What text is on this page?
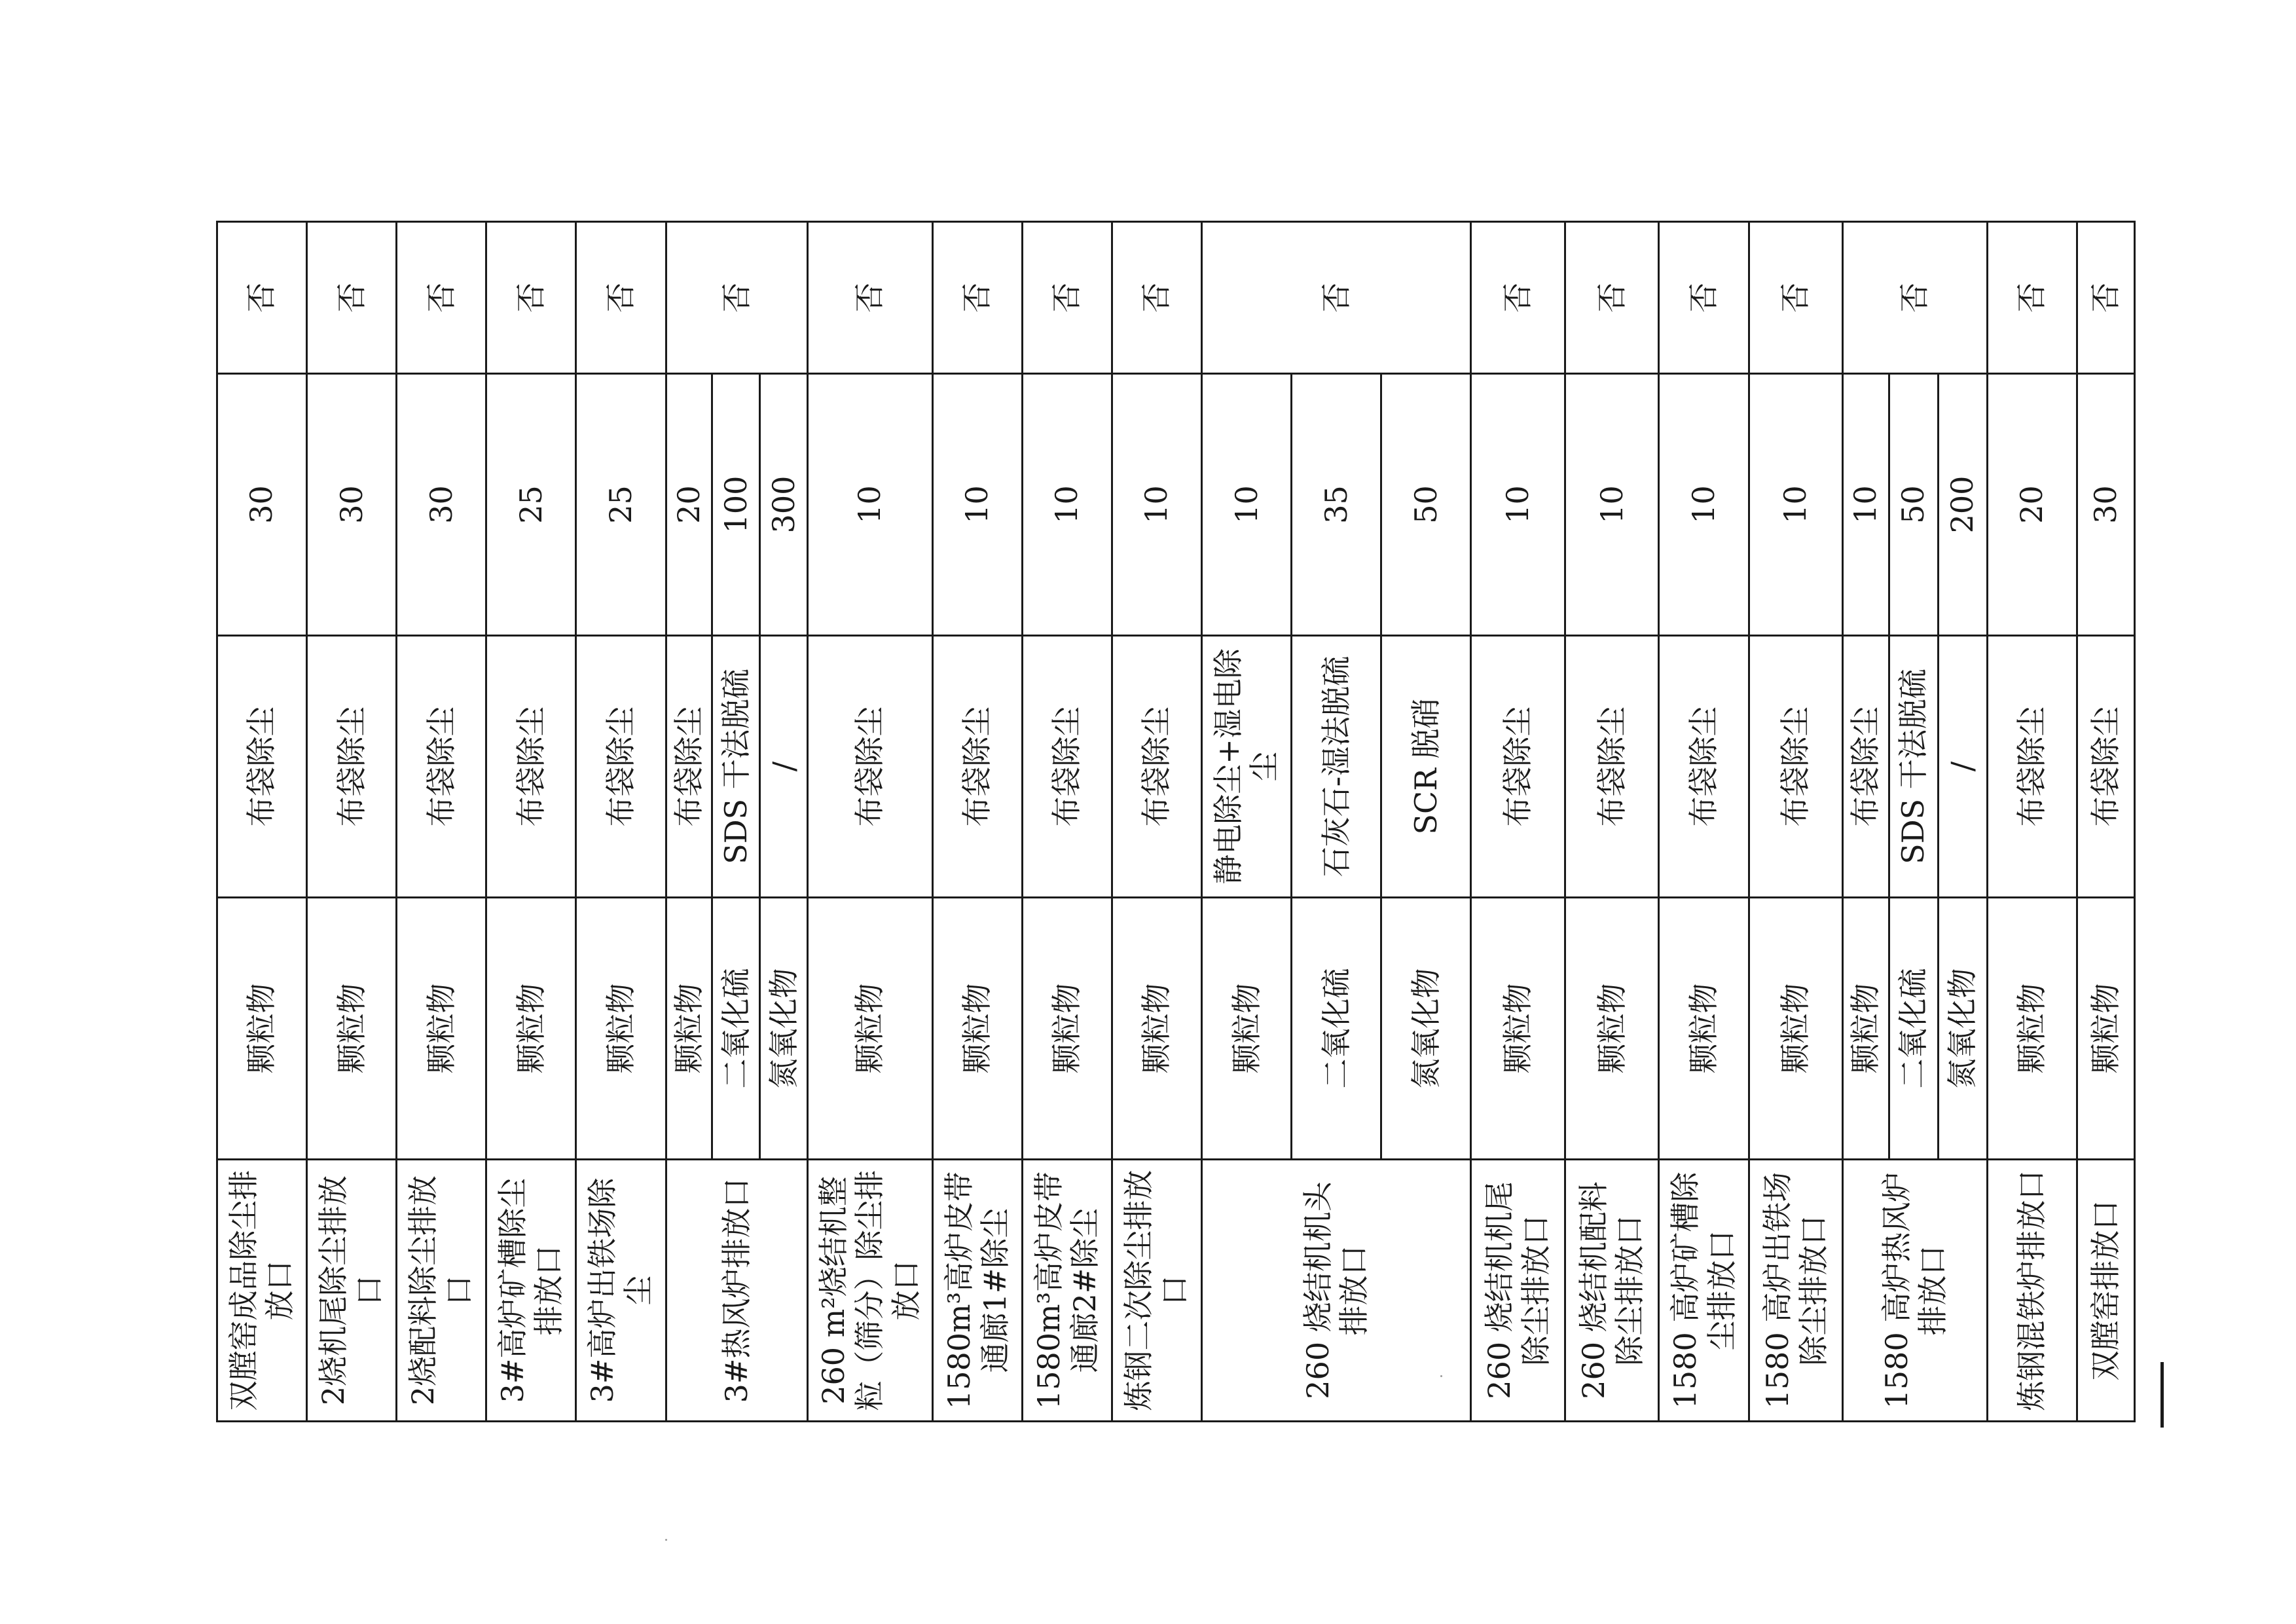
双膛窑成品除尘排放口	颗粒物	布袋除尘	30	否
2烧机尾除尘排放口	颗粒物	布袋除尘	30	否
2烧配料除尘排放口	颗粒物	布袋除尘	30	否
3#高炉矿槽除尘排放口	颗粒物	布袋除尘	25	否
3#高炉出铁场除尘	颗粒物	布袋除尘	25	否
3#热风炉排放口	颗粒物	布袋除尘	20	否
	二氧化硫	SDS 干法脱硫	100	
	氮氧化物	/	300	
260 m²烧结机整粒（筛分）除尘排放口	颗粒物	布袋除尘	10	否
1580m³高炉皮带通廊1#除尘	颗粒物	布袋除尘	10	否
1580m³高炉皮带通廊2#除尘	颗粒物	布袋除尘	10	否
炼钢二次除尘排放口	颗粒物	布袋除尘	10	否
260 烧结机机头排放口	颗粒物	静电除尘+湿电除尘	10	否
	二氧化硫	石灰石-湿法脱硫	35	
	氮氧化物	SCR 脱硝	50	
260 烧结机机尾除尘排放口	颗粒物	布袋除尘	10	否
260 烧结机配料除尘排放口	颗粒物	布袋除尘	10	否
1580 高炉矿槽除尘排放口	颗粒物	布袋除尘	10	否
1580 高炉出铁场除尘排放口	颗粒物	布袋除尘	10	否
1580 高炉热风炉排放口	颗粒物	布袋除尘	10	否
	二氧化硫	SDS 干法脱硫	50	
	氮氧化物	/	200	
炼钢混铁炉排放口	颗粒物	布袋除尘	20	否
双膛窑排放口	颗粒物	布袋除尘	30	否
